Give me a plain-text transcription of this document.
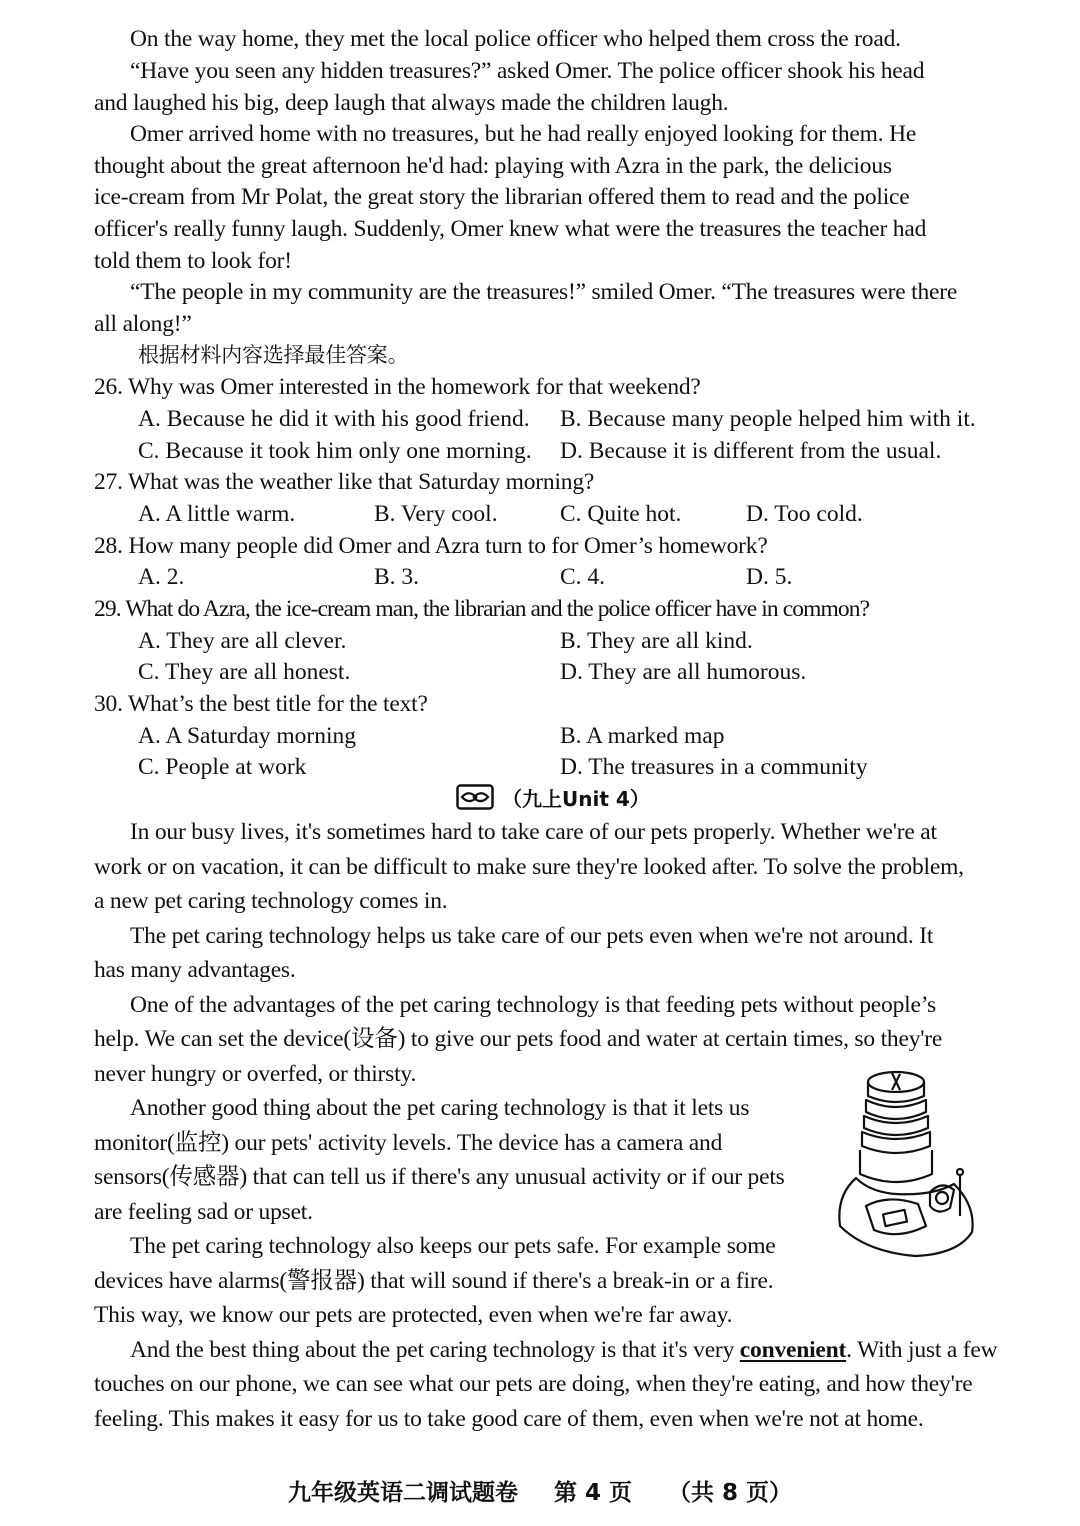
On the way home, they met the local police officer who helped them cross the road.
“Have you seen any hidden treasures?” asked Omer. The police officer shook his head
and laughed his big, deep laugh that always made the children laugh.
Omer arrived home with no treasures, but he had really enjoyed looking for them. He
thought about the great afternoon he'd had: playing with Azra in the park, the delicious
ice-cream from Mr Polat, the great story the librarian offered them to read and the police
officer's really funny laugh. Suddenly, Omer knew what were the treasures the teacher had
told them to look for!
“The people in my community are the treasures!” smiled Omer. “The treasures were there
all along!”
根据材料内容选择最佳答案。
26. Why was Omer interested in the homework for that weekend?
A. Because he did it with his good friend. B. Because many people helped him with it.
C. Because it took him only one morning. D. Because it is different from the usual.
27. What was the weather like that Saturday morning?
A. A little warm.	B. Very cool.	C. Quite hot.	D. Too cold.
28. How many people did Omer and Azra turn to for Omer’s homework?
A. 2.	B. 3.	C. 4.	D. 5.
29. What do Azra, the ice-cream man, the librarian and the police officer have in common?
A. They are all clever.	B. They are all kind.
C. They are all honest.	D. They are all humorous.
30. What’s the best title for the text?
A. A Saturday morning	B. A marked map
C. People at work	D. The treasures in a community
（九上Unit 4）
In our busy lives, it's sometimes hard to take care of our pets properly. Whether we're at
work or on vacation, it can be difficult to make sure they're looked after. To solve the problem,
a new pet caring technology comes in.
The pet caring technology helps us take care of our pets even when we're not around. It
has many advantages.
One of the advantages of the pet caring technology is that feeding pets without people’s
help. We can set the device(设备) to give our pets food and water at certain times, so they're
never hungry or overfed, or thirsty.
Another good thing about the pet caring technology is that it lets us
monitor(监控) our pets' activity levels. The device has a camera and
sensors(传感器) that can tell us if there's any unusual activity or if our pets
are feeling sad or upset.
The pet caring technology also keeps our pets safe. For example some
devices have alarms(警报器) that will sound if there's a break-in or a fire.
This way, we know our pets are protected, even when we're far away.
And the best thing about the pet caring technology is that it's very convenient. With just a few
touches on our phone, we can see what our pets are doing, when they're eating, and how they're
feeling. This makes it easy for us to take good care of them, even when we're not at home.
九年级英语二调试题卷 第 4 页 （共 8 页）
